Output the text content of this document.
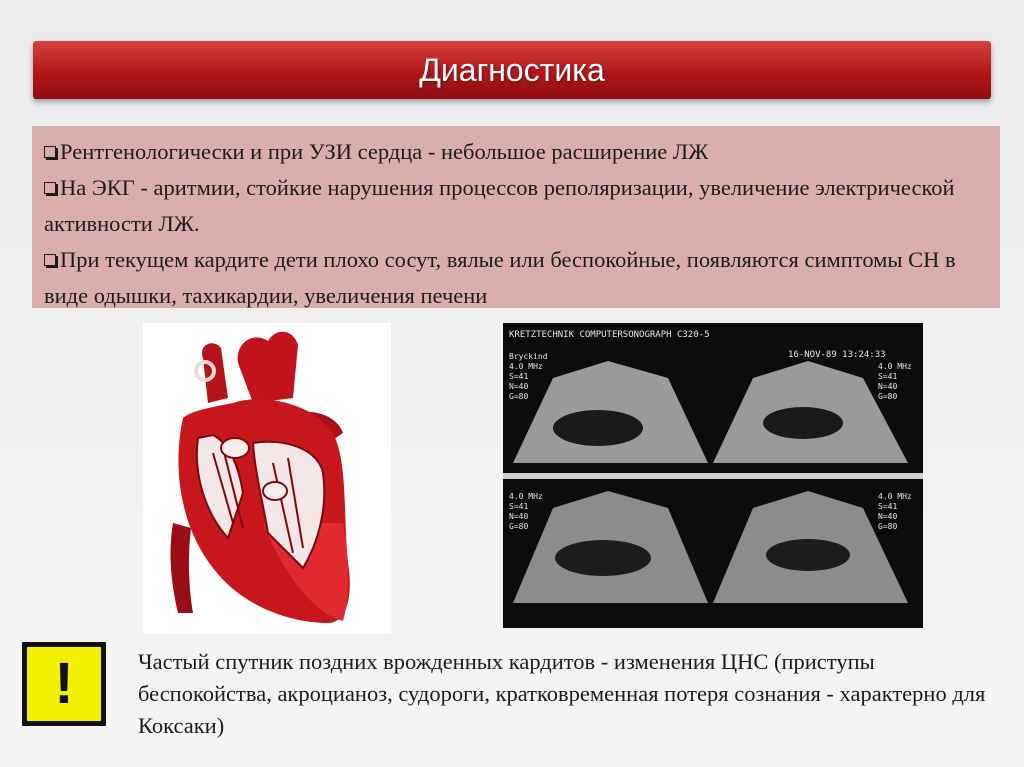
Диагностика
Рентгенологически и при УЗИ сердца - небольшое расширение ЛЖ
На ЭКГ - аритмии, стойкие нарушения процессов реполяризации, увеличение электрической активности ЛЖ.
При текущем кардите дети плохо сосут, вялые или беспокойные, появляются симптомы СН в виде одышки, тахикардии, увеличения печени
KRETZTECHNIK COMPUTERSONOGRAPH C320-5
16-NOV-89 13:24:33
Bryckind
4.0 MHz
S=41
N=40
G=80
4.0 MHz
S=41
N=40
G=80
4.0 MHz
S=41
N=40
G=80
4.0 MHz
S=41
N=40
G=80
!	Частый спутник поздних врожденных кардитов - изменения ЦНС (приступы беспокойства, акроцианоз, судороги, кратковременная потеря сознания - характерно для Коксаки)
